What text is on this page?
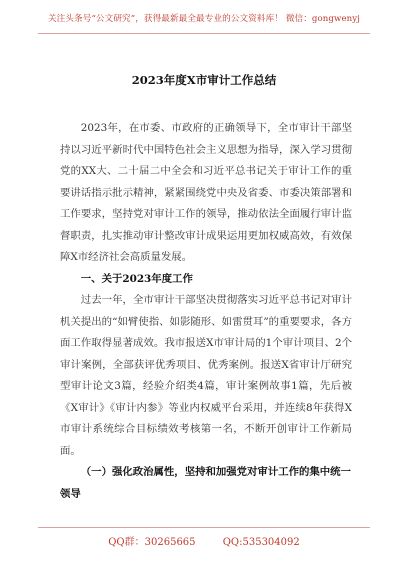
关注头条号“公文研究”，获得最新最全最专业的公文资料库！ 微信：gongwenyj
2023年度X市审计工作总结

2023年，在市委、市政府的正确领导下，全市审计干部坚持以习近平新时代中国特色社会主义思想为指导，深入学习贯彻党的XX大、二十届二中全会和习近平总书记关于审计工作的重要讲话指示批示精神，紧紧围绕党中央及省委、市委决策部署和工作要求，坚持党对审计工作的领导，推动依法全面履行审计监督职责，扎实推动审计整改审计成果运用更加权威高效，有效保障X市经济社会高质量发展。

一、关于2023年度工作

过去一年，全市审计干部坚决贯彻落实习近平总书记对审计机关提出的“如臂使指、如影随形、如雷贯耳”的重要要求，各方面工作取得显著成效。我市报送X市审计局的1个审计项目、2个审计案例，全部获评优秀项目、优秀案例。报送X省审计厅研究型审计论文3篇，经验介绍类4篇，审计案例故事1篇，先后被《X审计》《审计内参》等业内权威平台采用，并连续8年获得X市审计系统综合目标绩效考核第一名，不断开创审计工作新局面。

（一）强化政治属性，坚持和加强党对审计工作的集中统一领导

QQ群：30265665	QQ:535304092
